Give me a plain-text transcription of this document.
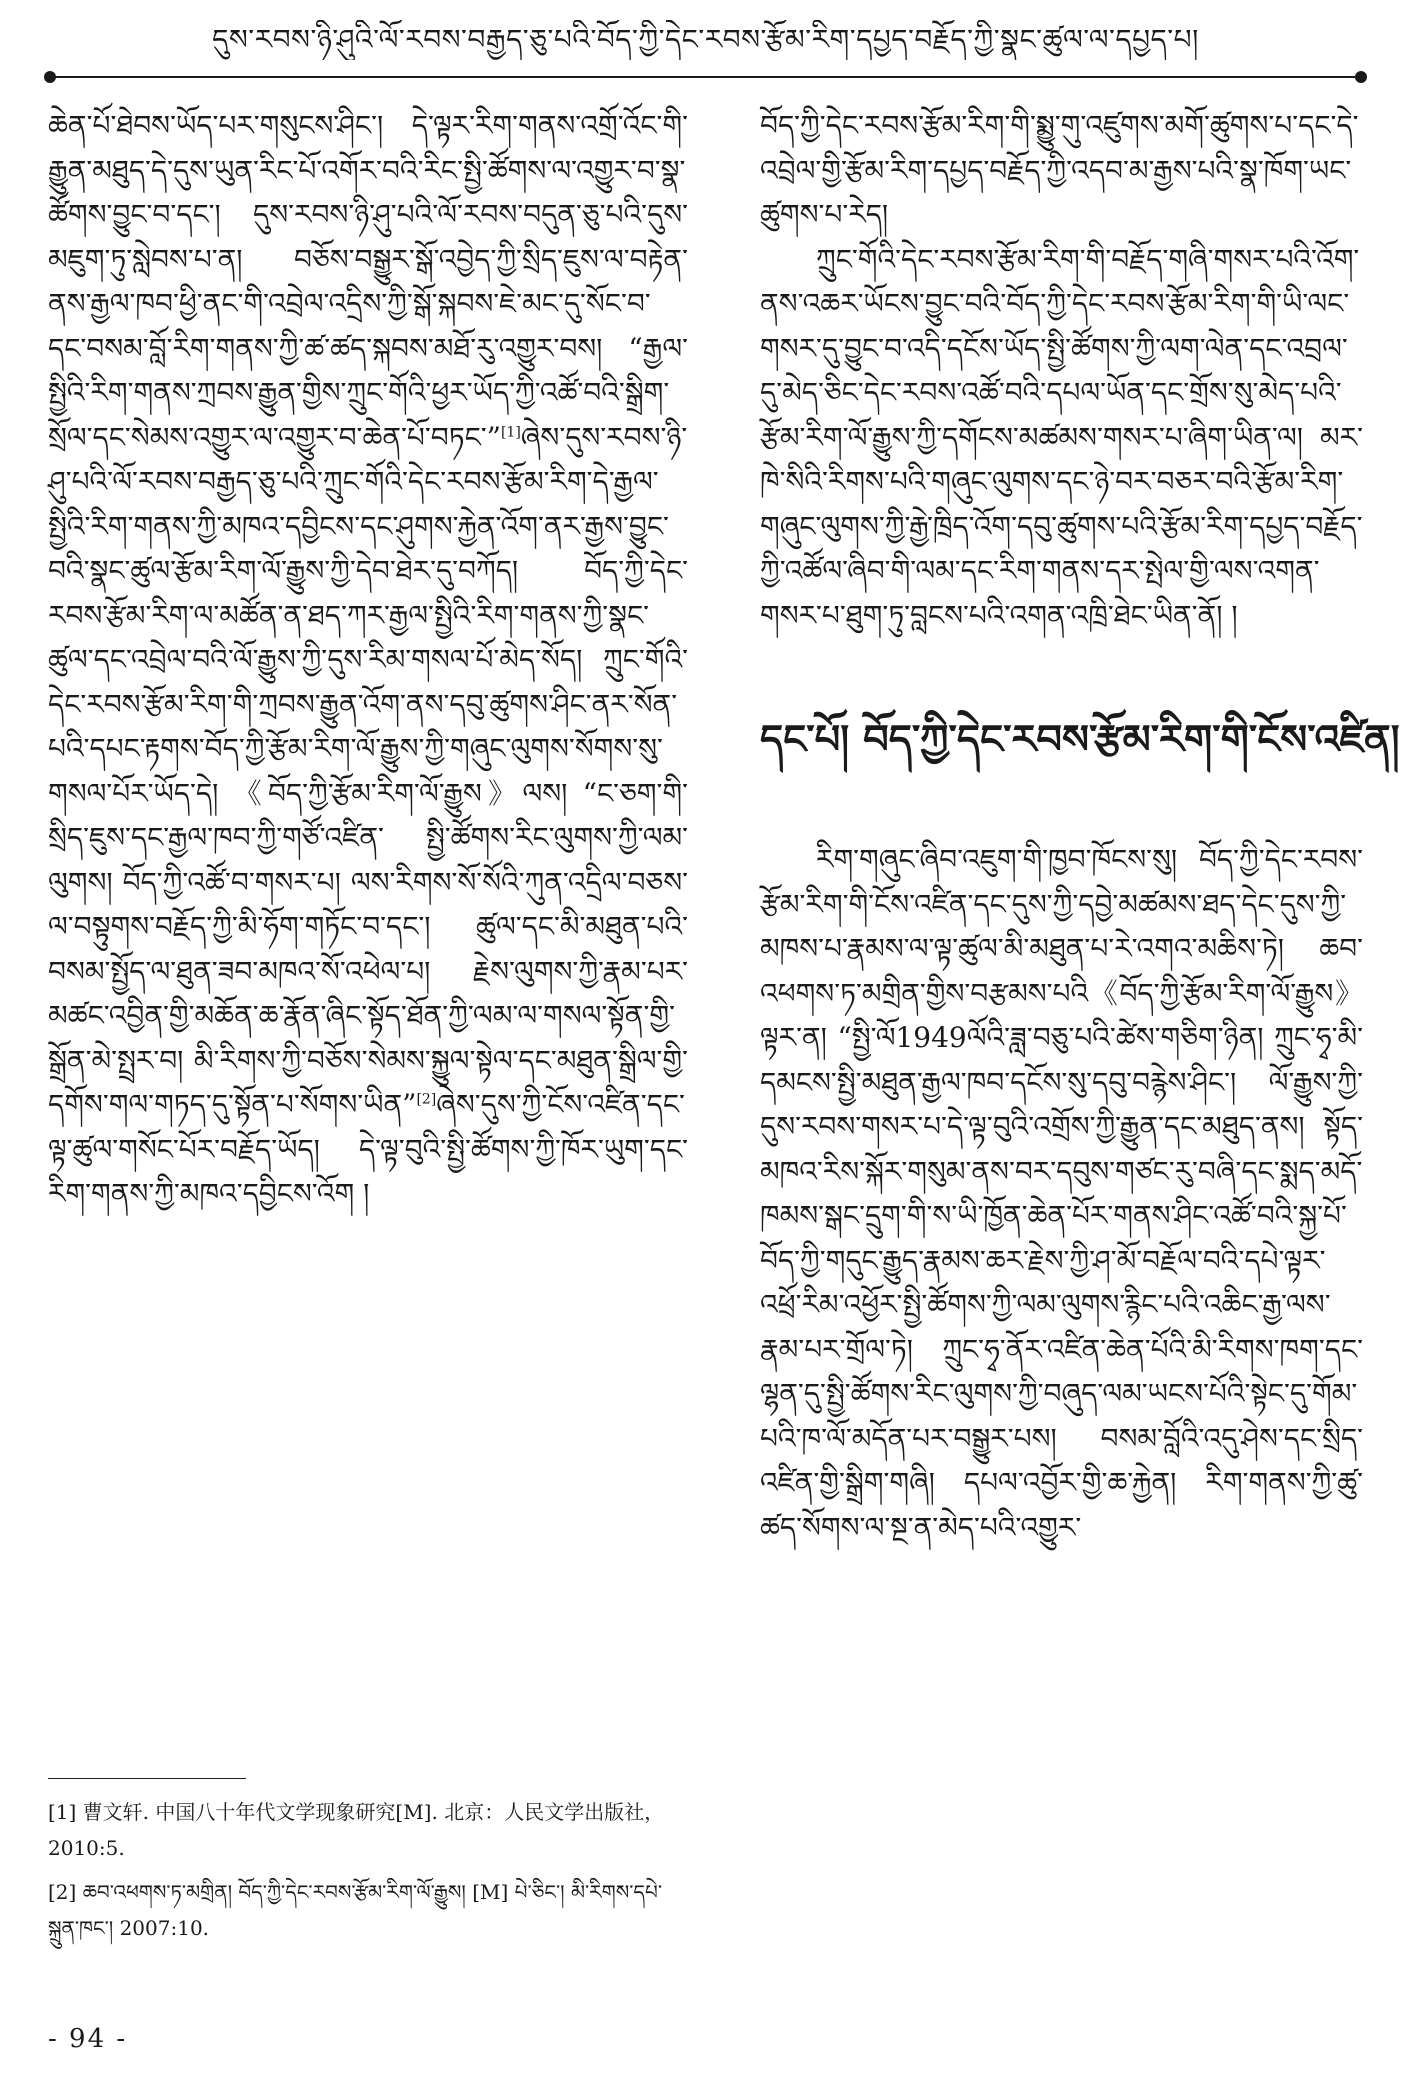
དུས་རབས་ཉི་ཤུའི་ལོ་རབས་བརྒྱད་ཅུ་པའི་བོད་ཀྱི་དེང་རབས་རྩོམ་རིག་དཔྱད་བརྗོད་ཀྱི་སྣང་ཚུལ་ལ་དཔྱད་པ།

ཆེན་པོ་ཐེབས་ཡོད་པར་གསུངས་ཤིང་། དེ་ལྟར་རིག་གནས་འགྲོ་འོང་གི་རྒྱུན་མཐུད་དེ་དུས་ཡུན་རིང་པོ་འགོར་བའི་རིང་སྤྱི་ཚོགས་ལ་འགྱུར་བ་སྣ་ཚོགས་བྱུང་བ་དང་། དུས་རབས་ཉི་ཤུ་པའི་ལོ་རབས་བདུན་ཅུ་པའི་དུས་མཇུག་ཏུ་སླེབས་པ་ན། བཅོས་བསྒྱུར་སྒོ་འབྱེད་ཀྱི་སྲིད་ཇུས་ལ་བརྟེན་ནས་རྒྱལ་ཁབ་ཕྱི་ནང་གི་འབྲེལ་འདྲིས་ཀྱི་སྒོ་སྐབས་ཇེ་མང་དུ་སོང་བ་དང་བསམ་བློ་རིག་གནས་ཀྱི་ཚ་ཚད་སྐབས་མཐོ་རུ་འགྱུར་བས། “རྒྱལ་སྤྱིའི་རིག་གནས་ཀྲབས་རྒྱུན་གྱིས་ཀྲུང་གོའི་ཕྱར་ཡོད་ཀྱི་འཚོ་བའི་སྒྲིག་སྲོལ་དང་སེམས་འགྱུར་ལ་འགྱུར་བ་ཆེན་པོ་བཏང་”[1]ཞེས་དུས་རབས་ཉི་ཤུ་པའི་ལོ་རབས་བརྒྱད་ཅུ་པའི་ཀྲུང་གོའི་དེང་རབས་རྩོམ་རིག་དེ་རྒྱལ་སྤྱིའི་རིག་གནས་ཀྱི་མཁའ་དབྱིངས་དང་ཤུགས་རྐྱེན་འོག་ནར་རྒྱས་བྱུང་བའི་སྣང་ཚུལ་རྩོམ་རིག་ལོ་རྒྱུས་ཀྱི་དེབ་ཐེར་དུ་བཀོད། བོད་ཀྱི་དེང་རབས་རྩོམ་རིག་ལ་མཚོན་ན་ཐད་ཀར་རྒྱལ་སྤྱིའི་རིག་གནས་ཀྱི་སྣང་ཚུལ་དང་འབྲེལ་བའི་ལོ་རྒྱུས་ཀྱི་དུས་རིམ་གསལ་པོ་མེད་སོད། ཀྲུང་གོའི་དེང་རབས་རྩོམ་རིག་གི་ཀྲབས་རྒྱུན་འོག་ནས་དབུ་ཚུགས་ཤིང་ནར་སོན་པའི་དཔང་རྟགས་བོད་ཀྱི་རྩོམ་རིག་ལོ་རྒྱུས་ཀྱི་གཞུང་ལུགས་སོགས་སུ་གསལ་པོར་ཡོད་དེ། 《བོད་ཀྱི་རྩོམ་རིག་ལོ་རྒྱུས》ལས། “ང་ཅག་གི་སྲིད་ཇུས་དང་རྒྱལ་ཁབ་ཀྱི་གཙོ་འཛིན་ སྤྱི་ཚོགས་རིང་ལུགས་ཀྱི་ལམ་ལུགས། བོད་ཀྱི་འཚོ་བ་གསར་པ། ལས་རིགས་སོ་སོའི་ཀུན་འདྲིལ་བཅས་ལ་བསྟུགས་བརྗོད་ཀྱི་མི་ཧོག་གཏོང་བ་དང་། ཚུལ་དང་མི་མཐུན་པའི་བསམ་སྤྱོད་ལ་ཐུན་ཟབ་མཁའ་སོ་འཕེལ་པ། རྗེས་ལུགས་ཀྱི་རྣམ་པར་མཚང་འབྱིན་གྱི་མཆོན་ཆ་རྣོན་ཞིང་སྟོད་ཐོན་ཀྱི་ལམ་ལ་གསལ་སྟོན་གྱི་སྒྲོན་མེ་སྤྲར་བ། མི་རིགས་ཀྱི་བཅོས་སེམས་སྐྱུལ་སྟེལ་དང་མཐུན་སྒྲིལ་གྱི་དགོས་གལ་གཏད་དུ་སྟོན་པ་སོགས་ཡིན”[2]ཞེས་དུས་ཀྱི་ངོས་འཛིན་དང་ལྟ་ཚུལ་གསོང་པོར་བརྗོད་ཡོད། དེ་ལྟ་བུའི་སྤྱི་ཚོགས་ཀྱི་ཁོར་ཡུག་དང་རིག་གནས་ཀྱི་མཁའ་དབྱིངས་འོག །

བོད་ཀྱི་དེང་རབས་རྩོམ་རིག་གི་སྨྱུ་གུ་འཛུགས་མགོ་ཚུགས་པ་དང་དེ་འབྲེལ་གྱི་རྩོམ་རིག་དཔྱད་བརྗོད་ཀྱི་འདབ་མ་རྒྱས་པའི་སྣ་ཁོག་ཡང་ཚུགས་པ་རེད།

ཀྲུང་གོའི་དེང་རབས་རྩོམ་རིག་གི་བརྗོད་གཞི་གསར་པའི་འོག་ནས་འཆར་ཡོངས་བྱུང་བའི་བོད་ཀྱི་དེང་རབས་རྩོམ་རིག་གི་ཡི་ལང་གསར་དུ་བྱུང་བ་འདི་དངོས་ཡོད་སྤྱི་ཚོགས་ཀྱི་ལག་ལེན་དང་འབྲལ་དུ་མེད་ཅིང་དེང་རབས་འཚོ་བའི་དཔལ་ཡོན་དང་གྲོས་སུ་མེད་པའི་རྩོམ་རིག་ལོ་རྒྱུས་ཀྱི་དགོངས་མཚམས་གསར་པ་ཞིག་ཡིན་ལ། མར་ཁེ་སིའི་རིགས་པའི་གཞུང་ལུགས་དང་ཉེ་བར་བཅར་བའི་རྩོམ་རིག་གཞུང་ལུགས་ཀྱི་རྒྱེ་ཁྲིད་འོག་དབུ་ཚུགས་པའི་རྩོམ་རིག་དཔྱད་བརྗོད་ཀྱི་འཚོལ་ཞིབ་གི་ལམ་དང་རིག་གནས་དར་སྤེལ་གྱི་ལས་འགན་གསར་པ་ཐུག་ཏུ་བླངས་པའི་འགན་འཁྲི་ཐེང་ཡིན་ནོ། །

དང་པོ། བོད་ཀྱི་དེང་རབས་རྩོམ་རིག་གི་ངོས་འཛིན།

རིག་གཞུང་ཞིབ་འཇུག་གི་ཁྱབ་ཁོངས་སུ། བོད་ཀྱི་དེང་རབས་རྩོམ་རིག་གི་ངོས་འཛིན་དང་དུས་ཀྱི་དབྱེ་མཚམས་ཐད་དེང་དུས་ཀྱི་མཁས་པ་རྣམས་ལ་ལྟ་ཚུལ་མི་མཐུན་པ་རེ་འགའ་མཆིས་ཏེ། ཆབ་འཕགས་ཏ་མགྲིན་གྱིས་བརྩམས་པའི《བོད་ཀྱི་རྩོམ་རིག་ལོ་རྒྱུས》ལྟར་ན། “སྤྱི་ལོ1949ལོའི་ཟླ་བཅུ་པའི་ཚེས་གཅིག་ཉིན། ཀྲུང་ཧྭ་མི་དམངས་སྤྱི་མཐུན་རྒྱལ་ཁབ་དངོས་སུ་དབུ་བརྙེས་ཤིང་། ལོ་རྒྱུས་ཀྱི་དུས་རབས་གསར་པ་དེ་ལྟ་བུའི་འགྲོས་ཀྱི་རྒྱུན་དང་མཐུད་ནས། སྟོད་མཁའ་རིས་སྐོར་གསུམ་ནས་བར་དབུས་གཙང་རུ་བཞི་དང་སྨད་མདོ་ཁམས་སྒང་དྲུག་གི་ས་ཡི་ཁྱོན་ཆེན་པོར་གནས་ཤིང་འཚོ་བའི་སྐྱ་པོ་བོད་ཀྱི་གདུང་རྒྱུད་རྣམས་ཆར་རྗེས་ཀྱི་ཤ་མོ་བརྗོལ་བའི་དཔེ་ལྟར་འཕྲོ་རིམ་འཕྱོར་སྤྱི་ཚོགས་ཀྱི་ལམ་ལུགས་རྙིང་པའི་འཆིང་རྒྱ་ལས་རྣམ་པར་གྲོལ་ཏེ། ཀྲུང་ཧྭ་ནོར་འཛིན་ཆེན་པོའི་མི་རིགས་ཁག་དང་ལྷན་དུ་སྤྱི་ཚོགས་རིང་ལུགས་ཀྱི་བཞུད་ལམ་ཡངས་པོའི་སྟེང་དུ་གོམ་པའི་ཁ་ལོ་མདོན་པར་བསྒྱུར་པས། བསམ་བློའི་འདུ་ཤེས་དང་སྲིད་འཛིན་གྱི་སྒྲིག་གཞི། དཔལ་འབྱོར་གྱི་ཆ་རྐྱེན། རིག་གནས་ཀྱི་ཚུ་ཚད་སོགས་ལ་སྔ་ན་མེད་པའི་འགྱུར་

[1] 曹文轩. 中国八十年代文学现象研究[M]. 北京：人民文学出版社，2010:5.

[2] ཆབ་འཕགས་ཏ་མགྲིན། བོད་ཀྱི་དེང་རབས་རྩོམ་རིག་ལོ་རྒྱུས། [M] པེ་ཅིང་། མི་རིགས་དཔེ་སྐྲུན་ཁང་། 2007:10.

- 94 -
